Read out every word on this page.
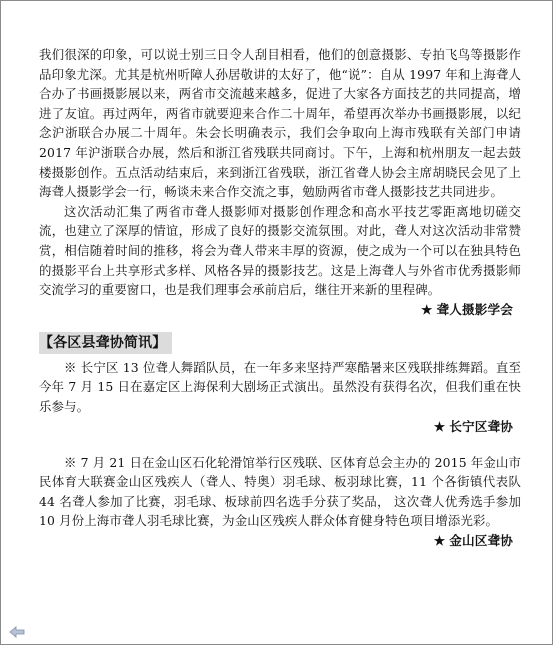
我们很深的印象，可以说士别三日令人刮目相看，他们的创意摄影、专拍飞鸟等摄影作品印象尤深。尤其是杭州听障人孙居敬讲的太好了，他“说”：自从 1997 年和上海聋人合办了书画摄影展以来，两省市交流越来越多，促进了大家各方面技艺的共同提高，增进了友谊。再过两年，两省市就要迎来合作二十周年，希望再次举办书画摄影展，以纪念沪浙联合办展二十周年。朱会长明确表示，我们会争取向上海市残联有关部门申请 2017 年沪浙联合办展，然后和浙江省残联共同商讨。下午，上海和杭州朋友一起去鼓楼摄影创作。五点活动结束后，来到浙江省残联，浙江省聋人协会主席胡晓民会见了上海聋人摄影学会一行，畅谈未来合作交流之事，勉励两省市聋人摄影技艺共同进步。

这次活动汇集了两省市聋人摄影师对摄影创作理念和高水平技艺零距离地切磋交流，也建立了深厚的情谊，形成了良好的摄影交流氛围。对此，聋人对这次活动非常赞赏，相信随着时间的推移，将会为聋人带来丰厚的资源，使之成为一个可以在独具特色的摄影平台上共享形式多样、风格各异的摄影技艺。这是上海聋人与外省市优秀摄影师交流学习的重要窗口，也是我们理事会承前启后，继往开来新的里程碑。

★ 聋人摄影学会

【各区县聋协简讯】

※ 长宁区 13 位聋人舞蹈队员，在一年多来坚持严寒酷暑来区残联排练舞蹈。直至今年 7 月 15 日在嘉定区上海保利大剧场正式演出。虽然没有获得名次，但我们重在快乐参与。

★ 长宁区聋协

※ 7 月 21 日在金山区石化轮滑馆举行区残联、区体育总会主办的 2015 年金山市民体育大联赛金山区残疾人（聋人、特奥）羽毛球、板羽球比赛，11 个各街镇代表队 44 名聋人参加了比赛，羽毛球、板球前四名选手分获了奖品， 这次聋人优秀选手参加 10 月份上海市聋人羽毛球比赛，为金山区残疾人群众体育健身特色项目增添光彩。

★ 金山区聋协
